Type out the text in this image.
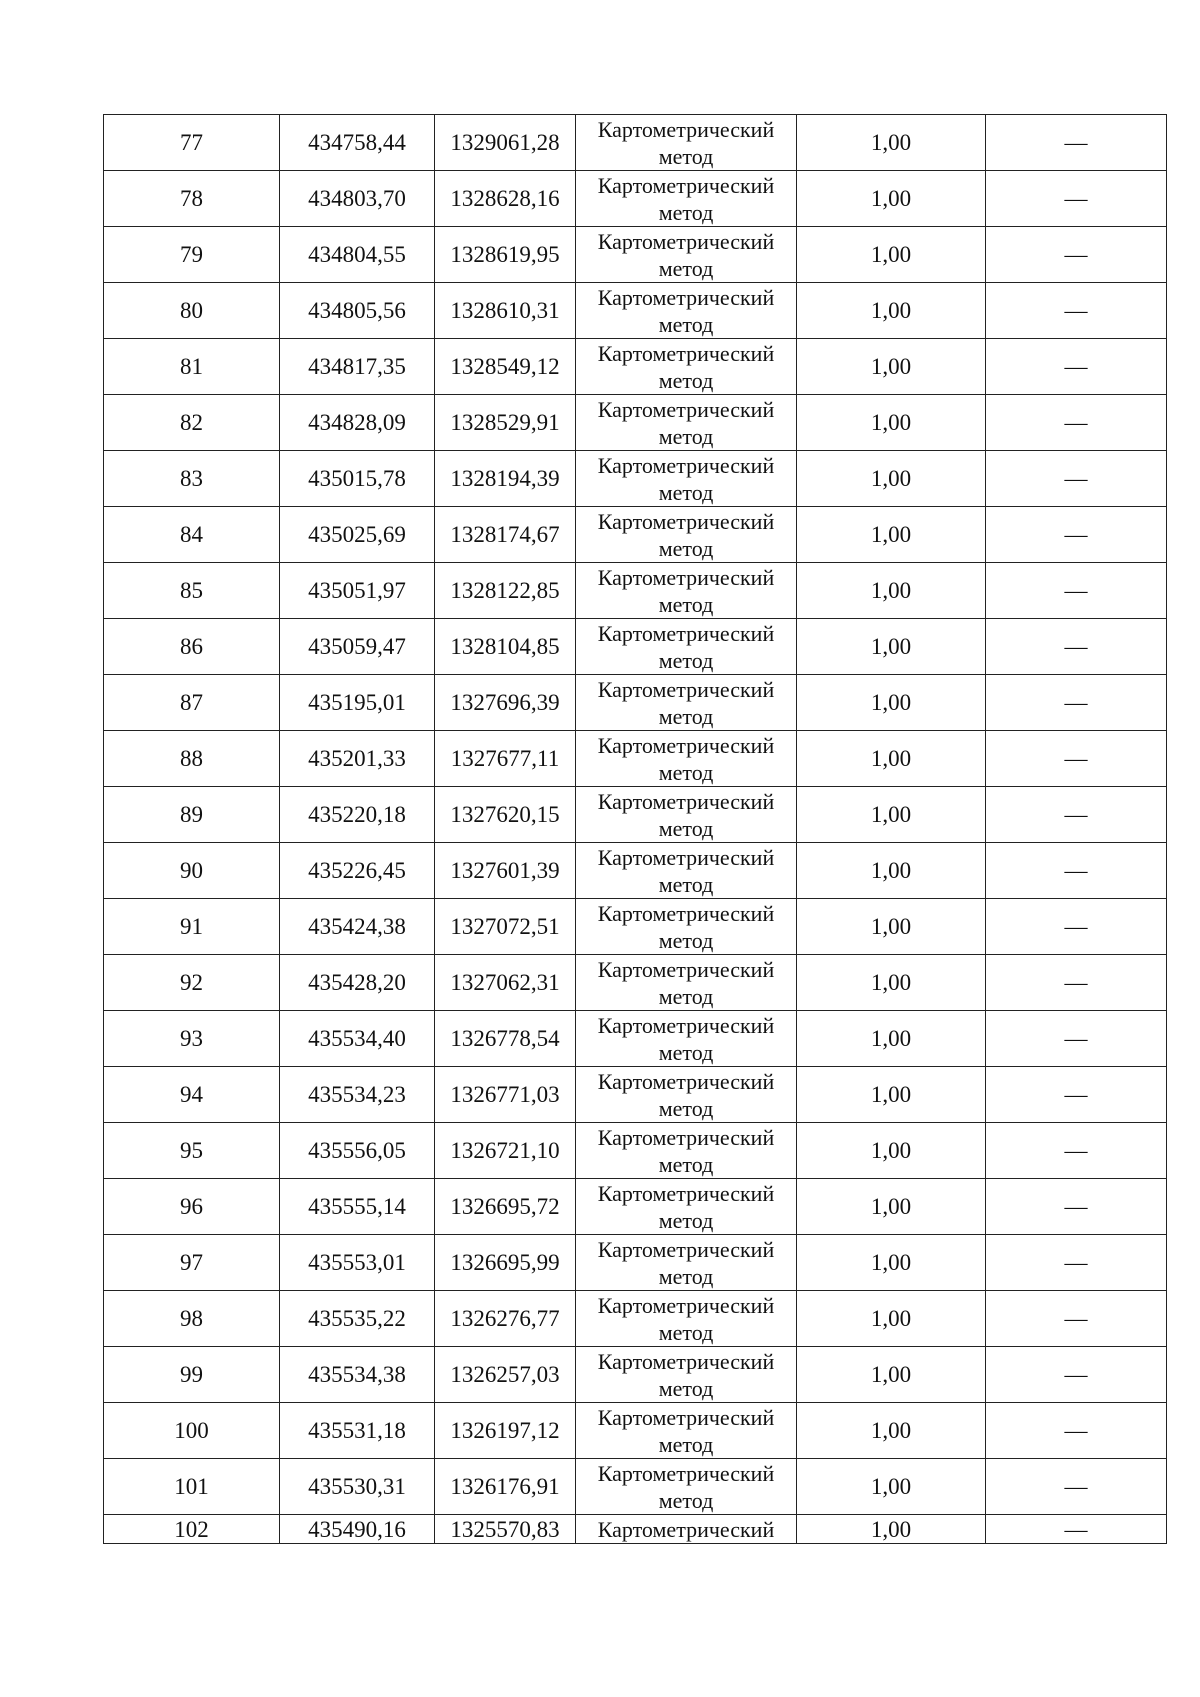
77	434758,44	1329061,28	Картометрический метод	1,00	—
78	434803,70	1328628,16	Картометрический метод	1,00	—
79	434804,55	1328619,95	Картометрический метод	1,00	—
80	434805,56	1328610,31	Картометрический метод	1,00	—
81	434817,35	1328549,12	Картометрический метод	1,00	—
82	434828,09	1328529,91	Картометрический метод	1,00	—
83	435015,78	1328194,39	Картометрический метод	1,00	—
84	435025,69	1328174,67	Картометрический метод	1,00	—
85	435051,97	1328122,85	Картометрический метод	1,00	—
86	435059,47	1328104,85	Картометрический метод	1,00	—
87	435195,01	1327696,39	Картометрический метод	1,00	—
88	435201,33	1327677,11	Картометрический метод	1,00	—
89	435220,18	1327620,15	Картометрический метод	1,00	—
90	435226,45	1327601,39	Картометрический метод	1,00	—
91	435424,38	1327072,51	Картометрический метод	1,00	—
92	435428,20	1327062,31	Картометрический метод	1,00	—
93	435534,40	1326778,54	Картометрический метод	1,00	—
94	435534,23	1326771,03	Картометрический метод	1,00	—
95	435556,05	1326721,10	Картометрический метод	1,00	—
96	435555,14	1326695,72	Картометрический метод	1,00	—
97	435553,01	1326695,99	Картометрический метод	1,00	—
98	435535,22	1326276,77	Картометрический метод	1,00	—
99	435534,38	1326257,03	Картометрический метод	1,00	—
100	435531,18	1326197,12	Картометрический метод	1,00	—
101	435530,31	1326176,91	Картометрический метод	1,00	—
102	435490,16	1325570,83	Картометрический	1,00	—
